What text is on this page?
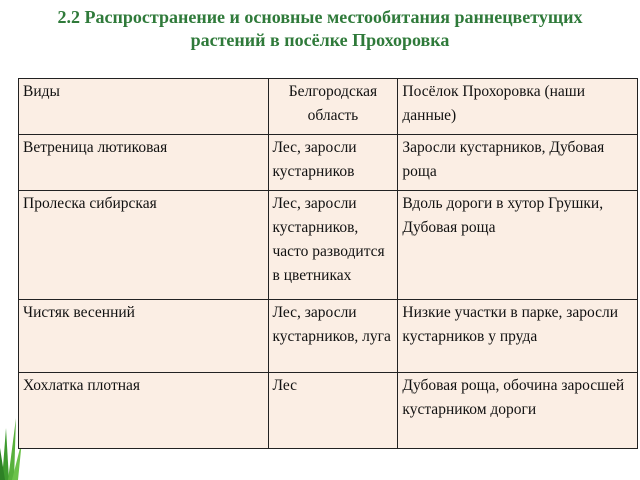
2.2 Распространение и основные местообитания раннецветущих
растений в посёлке Прохоровка
Виды	Белгородская область	Посёлок Прохоровка (наши данные)
Ветреница лютиковая	Лес, заросли кустарников	Заросли кустарников, Дубовая роща
Пролеска сибирская	Лес, заросли кустарников, часто разводится в цветниках	Вдоль дороги в хутор Грушки, Дубовая роща
Чистяк весенний	Лес, заросли кустарников, луга	Низкие участки в парке, заросли кустарников у пруда
Хохлатка плотная	Лес	Дубовая роща, обочина заросшей кустарником дороги
